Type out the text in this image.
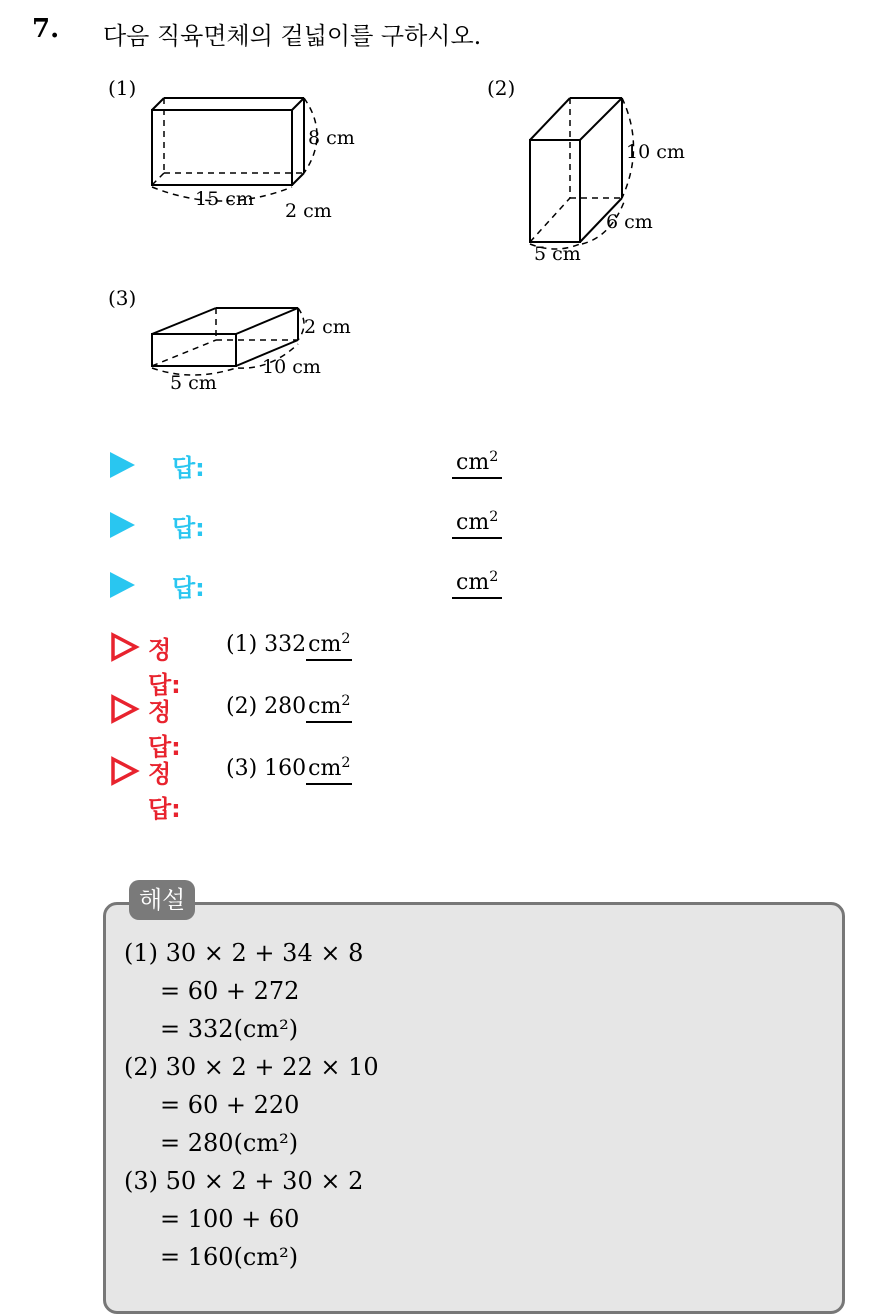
7. 다음 직육면체의 겉넓이를 구하시오.
(1)
8 cm
15 cm
2 cm
(2)
10 cm
6 cm
5 cm
(3)
2 cm
10 cm
5 cm
답:	$cm^2$
답:	$cm^2$
답:	$cm^2$
정답:
(1) $332cm^2$
정답:
(2) $280cm^2$
정답:
(3) $160cm^2$
(1) 30 × 2 + 34 × 8
= 60 + 272
= 332(cm²)
(2) 30 × 2 + 22 × 10
= 60 + 220
= 280(cm²)
(3) 50 × 2 + 30 × 2
= 100 + 60
= 160(cm²)
해설
